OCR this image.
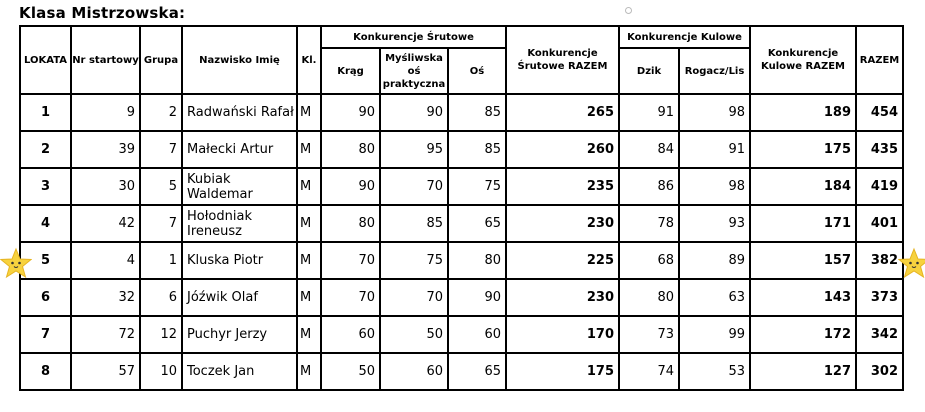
Klasa Mistrzowska:
LOKATA	Nr startowy	Grupa	Nazwisko Imię	Kl.	Konkurencje Śrutowe			Konkurencje Śrutowe RAZEM	Konkurencje Kulowe		Konkurencje Kulowe RAZEM	RAZEM
					Krąg	Myśliwska oś praktyczna	Oś		Dzik	Rogacz/Lis		
1	9	2	Radwański Rafał	M	90	90	85	265	91	98	189	454
2	39	7	Małecki Artur	M	80	95	85	260	84	91	175	435
3	30	5	Kubiak Waldemar	M	90	70	75	235	86	98	184	419
4	42	7	Hołodniak Ireneusz	M	80	85	65	230	78	93	171	401
5	4	1	Kluska Piotr	M	70	75	80	225	68	89	157	382
6	32	6	Jóźwik Olaf	M	70	70	90	230	80	63	143	373
7	72	12	Puchyr Jerzy	M	60	50	60	170	73	99	172	342
8	57	10	Toczek Jan	M	50	60	65	175	74	53	127	302
